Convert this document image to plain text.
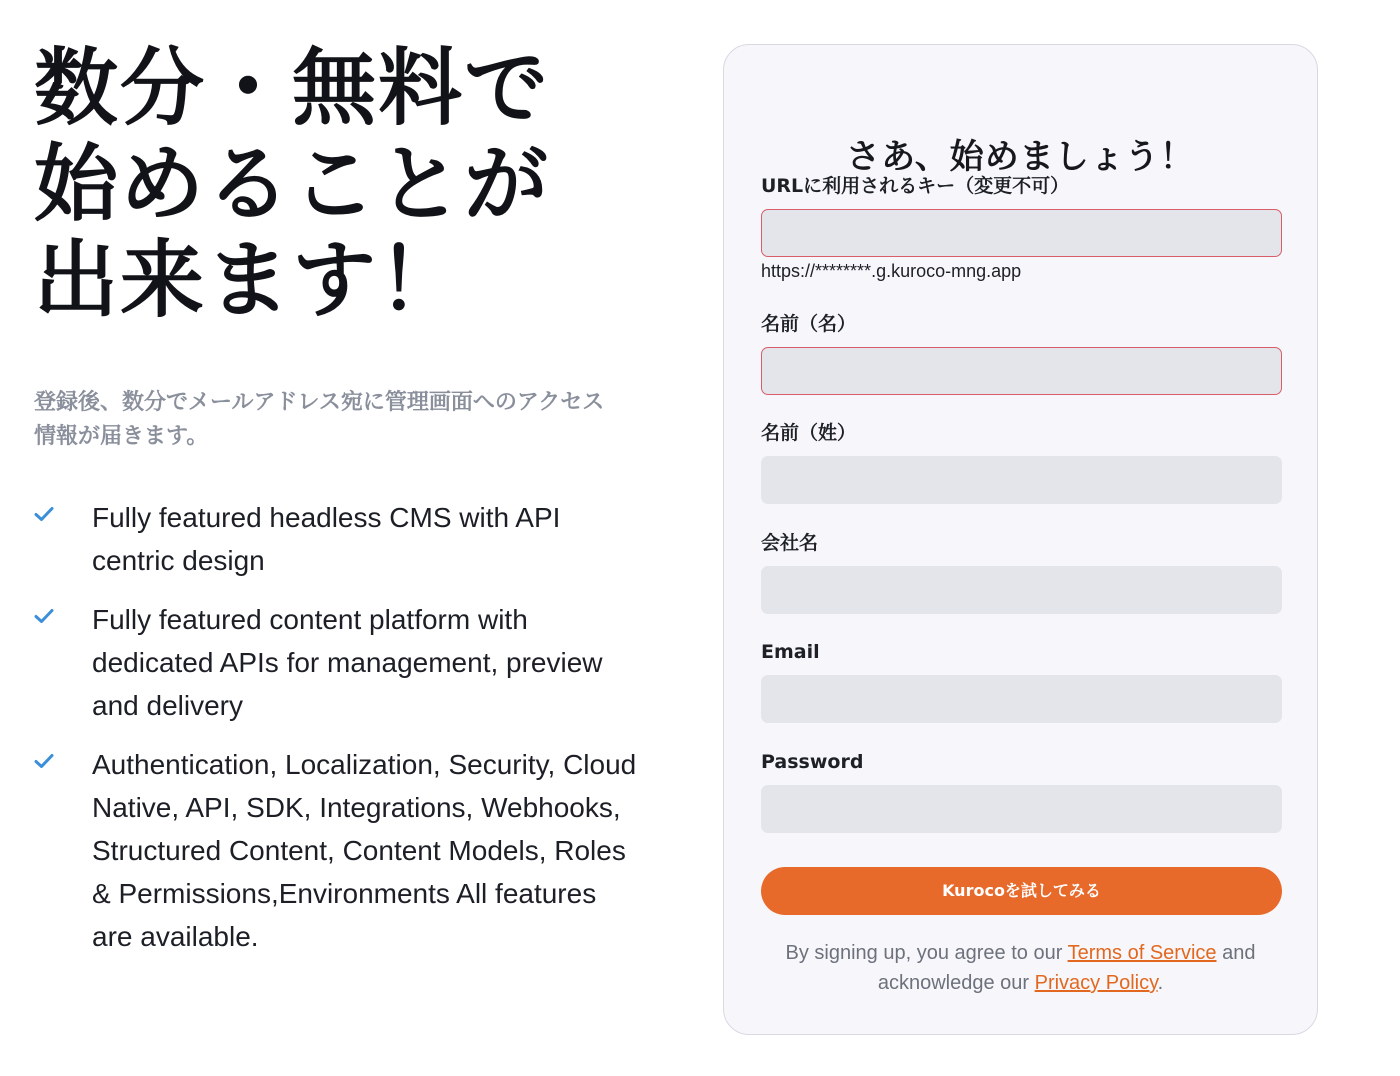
数分・無料で
始めることが
出来ます！

登録後、数分でメールアドレス宛に管理画面へのアクセス情報が届きます。

Fully featured headless CMS with API centric design
Fully featured content platform with dedicated APIs for management, preview and delivery
Authentication, Localization, Security, Cloud Native, API, SDK, Integrations, Webhooks, Structured Content, Content Models, Roles & Permissions,Environments All features are available.
さあ、始めましょう！
URLに利用されるキー（変更不可）
https://********.g.kuroco-mng.app
名前（名）
名前（姓）
会社名
Email
Password
Kurocoを試してみる

By signing up, you agree to our Terms of Service and acknowledge our Privacy Policy.
